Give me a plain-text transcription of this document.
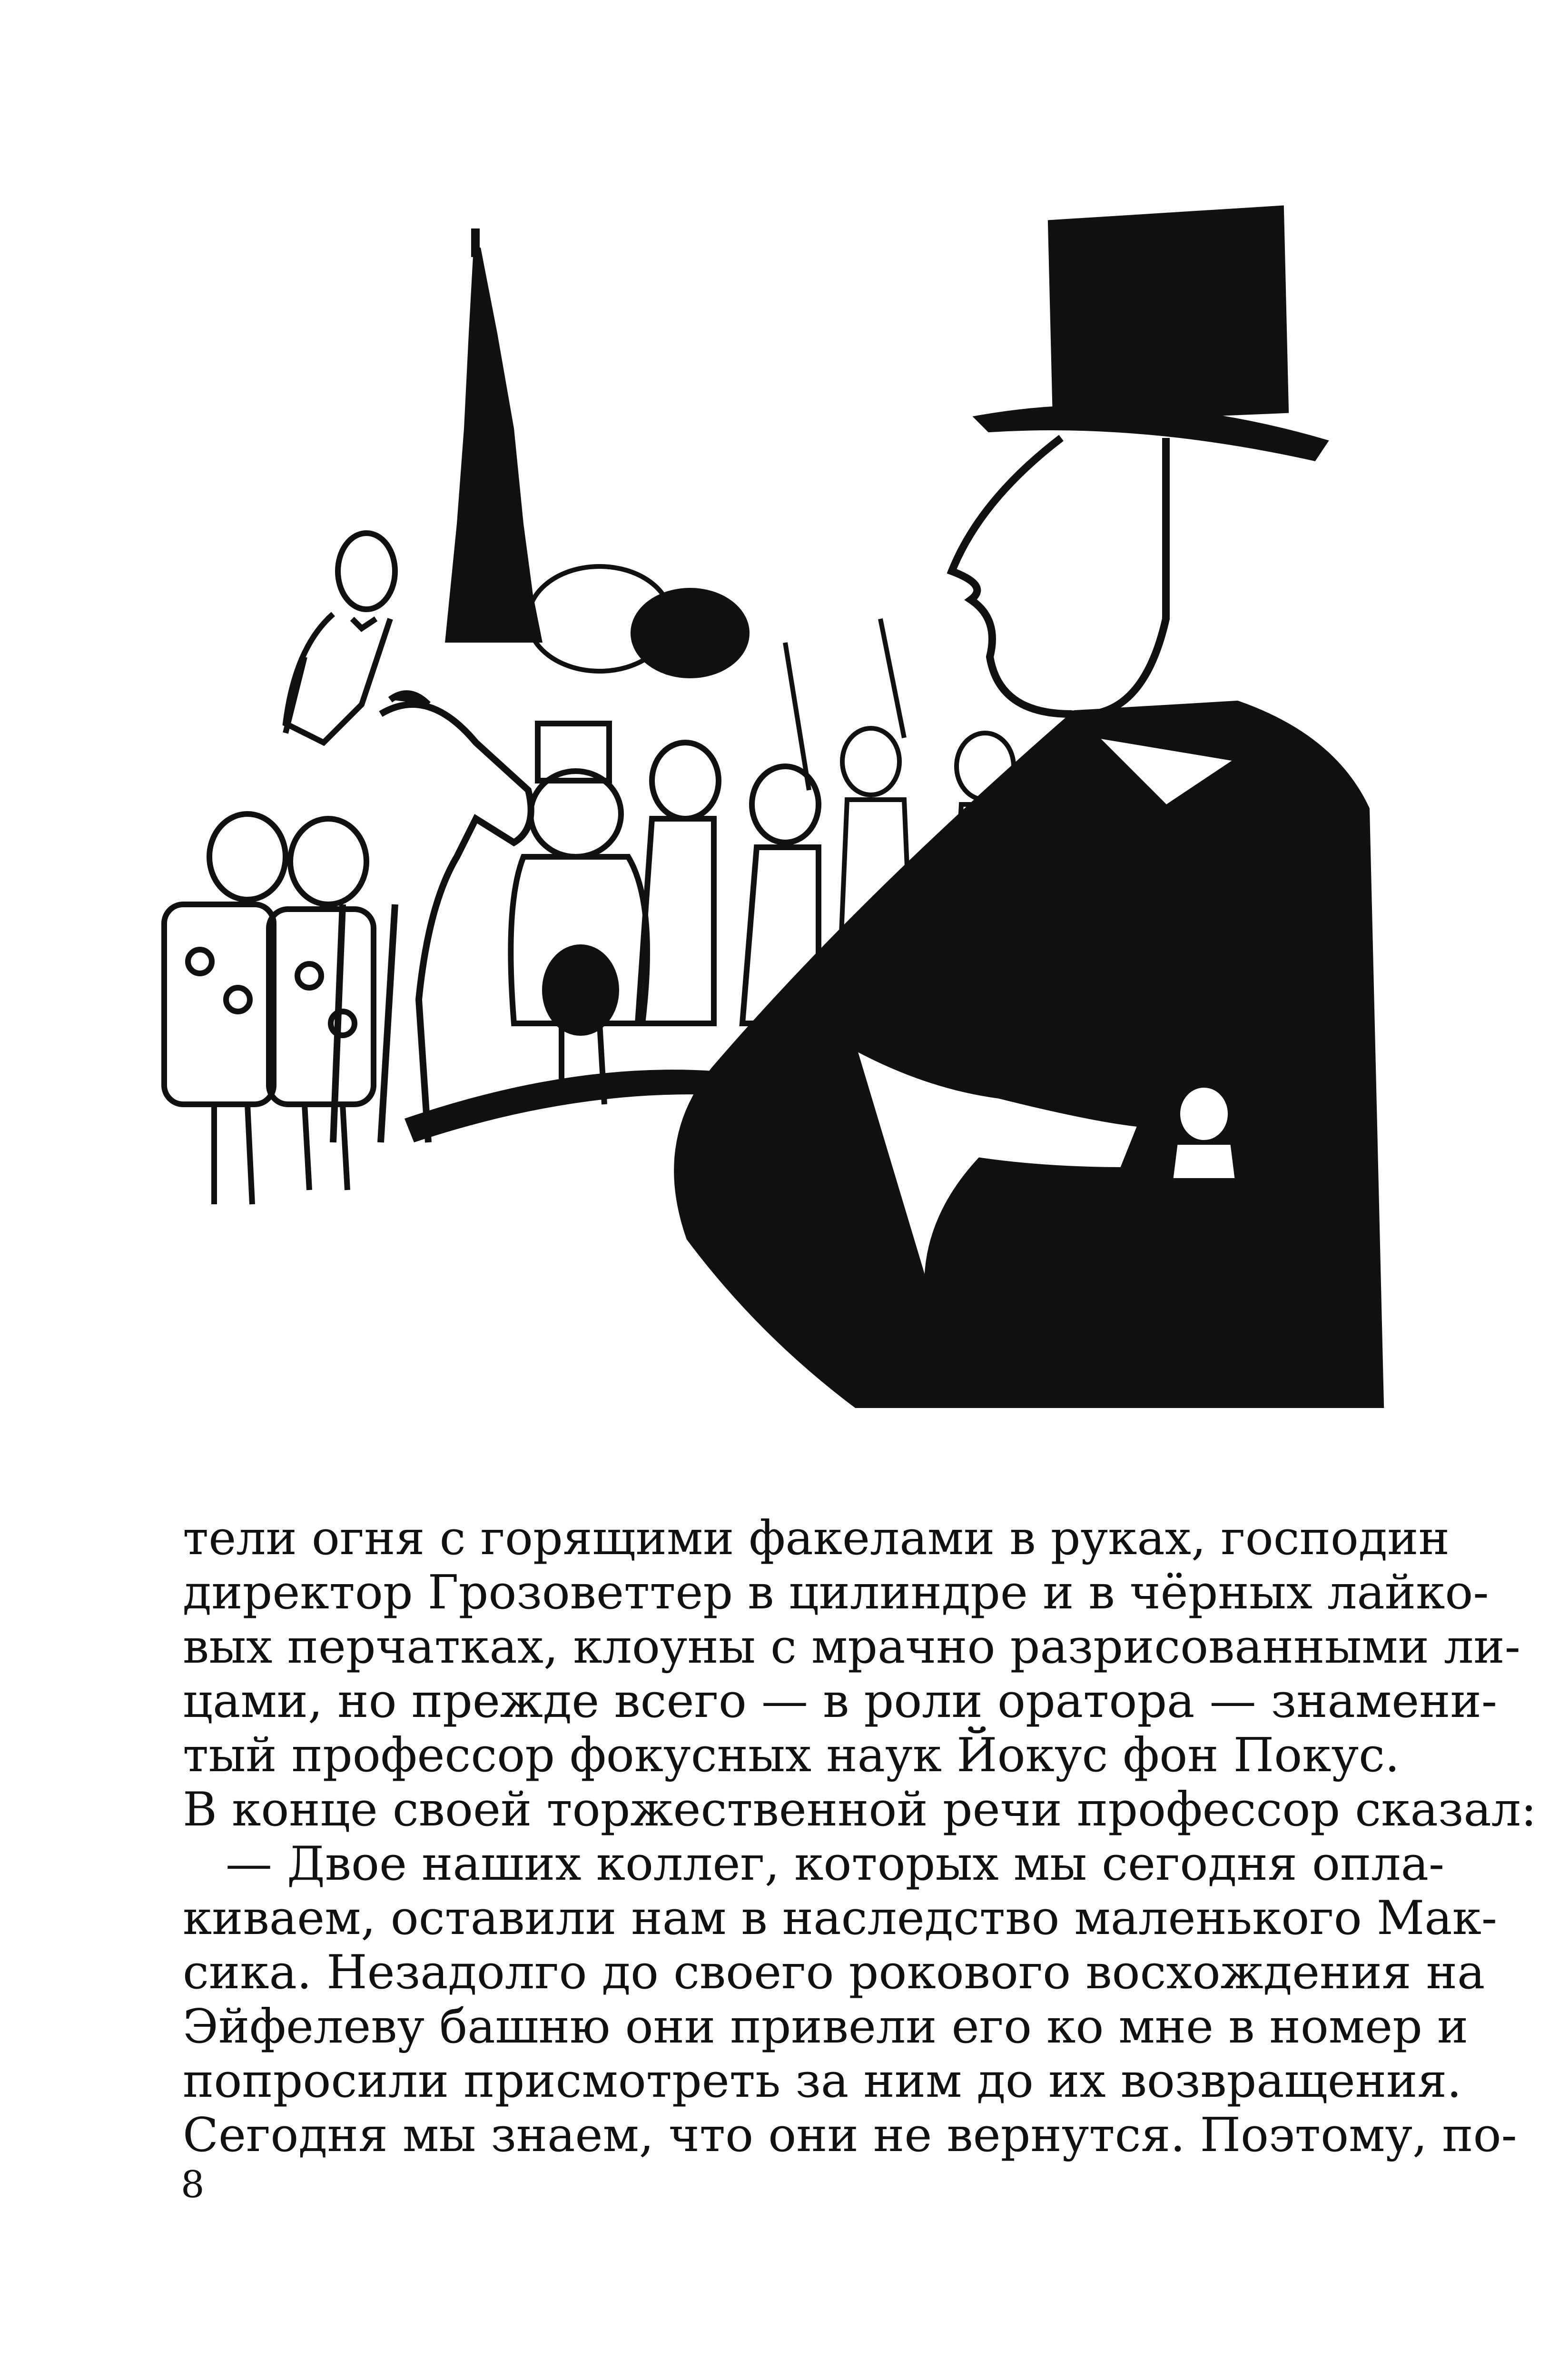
тели огня с горящими факелами в руках, господин
директор Грозоветтер в цилиндре и в чёрных лайко-
вых перчатках, клоуны с мрачно разрисованными ли-
цами, но прежде всего — в роли оратора — знамени-
тый профессор фокусных наук Йокус фон Покус.
В конце своей торжественной речи профессор сказал:
— Двое наших коллег, которых мы сегодня опла-
киваем, оставили нам в наследство маленького Мак-
сика. Незадолго до своего рокового восхождения на
Эйфелеву башню они привели его ко мне в номер и
попросили присмотреть за ним до их возвращения.
Сегодня мы знаем, что они не вернутся. Поэтому, по-
8
